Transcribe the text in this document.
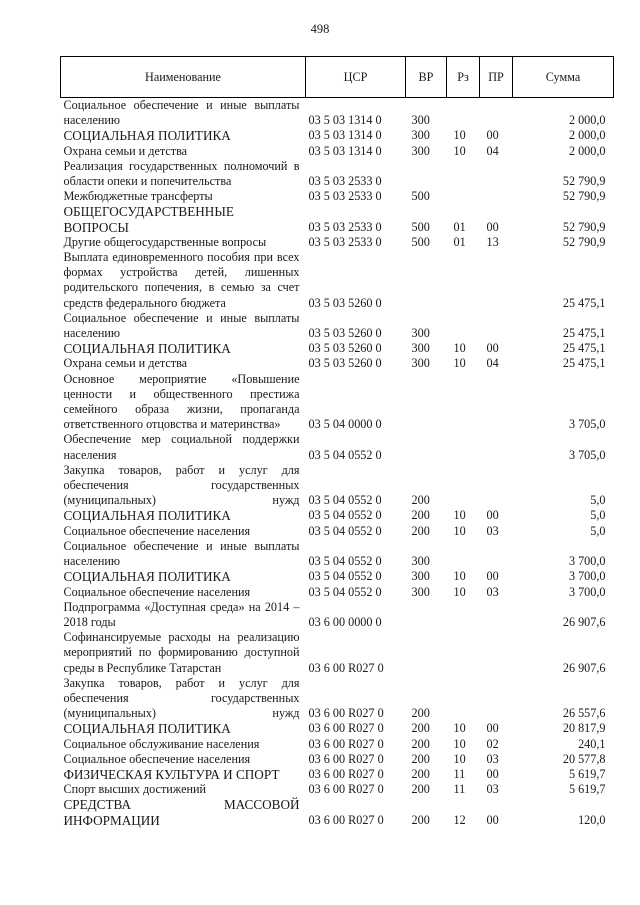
498
Наименование	ЦСР	ВР	Рз	ПР	Сумма
Социальное обеспечение и иные выплаты населению	03 5 03 1314 0	300			2 000,0
СОЦИАЛЬНАЯ ПОЛИТИКА	03 5 03 1314 0	300	10	00	2 000,0
Охрана семьи и детства	03 5 03 1314 0	300	10	04	2 000,0
Реализация государственных полномочий в области опеки и попечительства	03 5 03 2533 0				52 790,9
Межбюджетные трансферты	03 5 03 2533 0	500			52 790,9
ОБЩЕГОСУДАРСТВЕННЫЕ ВОПРОСЫ	03 5 03 2533 0	500	01	00	52 790,9
Другие общегосударственные вопросы	03 5 03 2533 0	500	01	13	52 790,9
Выплата единовременного пособия при всех формах устройства детей, лишенных родительского попечения, в семью за счет средств федерального бюджета	03 5 03 5260 0				25 475,1
Социальное обеспечение и иные выплаты населению	03 5 03 5260 0	300			25 475,1
СОЦИАЛЬНАЯ ПОЛИТИКА	03 5 03 5260 0	300	10	00	25 475,1
Охрана семьи и детства	03 5 03 5260 0	300	10	04	25 475,1
Основное мероприятие «Повышение ценности и общественного престижа семейного образа жизни, пропаганда ответственного отцовства и материнства»	03 5 04 0000 0				3 705,0
Обеспечение мер социальной поддержки населения	03 5 04 0552 0				3 705,0
Закупка товаров, работ и услуг для обеспечения государственных (муниципальных) нужд	03 5 04 0552 0	200			5,0
СОЦИАЛЬНАЯ ПОЛИТИКА	03 5 04 0552 0	200	10	00	5,0
Социальное обеспечение населения	03 5 04 0552 0	200	10	03	5,0
Социальное обеспечение и иные выплаты населению	03 5 04 0552 0	300			3 700,0
СОЦИАЛЬНАЯ ПОЛИТИКА	03 5 04 0552 0	300	10	00	3 700,0
Социальное обеспечение населения	03 5 04 0552 0	300	10	03	3 700,0
Подпрограмма «Доступная среда» на 2014 – 2018 годы	03 6 00 0000 0				26 907,6
Софинансируемые расходы на реализацию мероприятий по формированию доступной среды в Республике Татарстан	03 6 00 R027 0				26 907,6
Закупка товаров, работ и услуг для обеспечения государственных (муниципальных) нужд	03 6 00 R027 0	200			26 557,6
СОЦИАЛЬНАЯ ПОЛИТИКА	03 6 00 R027 0	200	10	00	20 817,9
Социальное обслуживание населения	03 6 00 R027 0	200	10	02	240,1
Социальное обеспечение населения	03 6 00 R027 0	200	10	03	20 577,8
ФИЗИЧЕСКАЯ КУЛЬТУРА И СПОРТ	03 6 00 R027 0	200	11	00	5 619,7
Спорт высших достижений	03 6 00 R027 0	200	11	03	5 619,7
СРЕДСТВА МАССОВОЙ ИНФОРМАЦИИ	03 6 00 R027 0	200	12	00	120,0
